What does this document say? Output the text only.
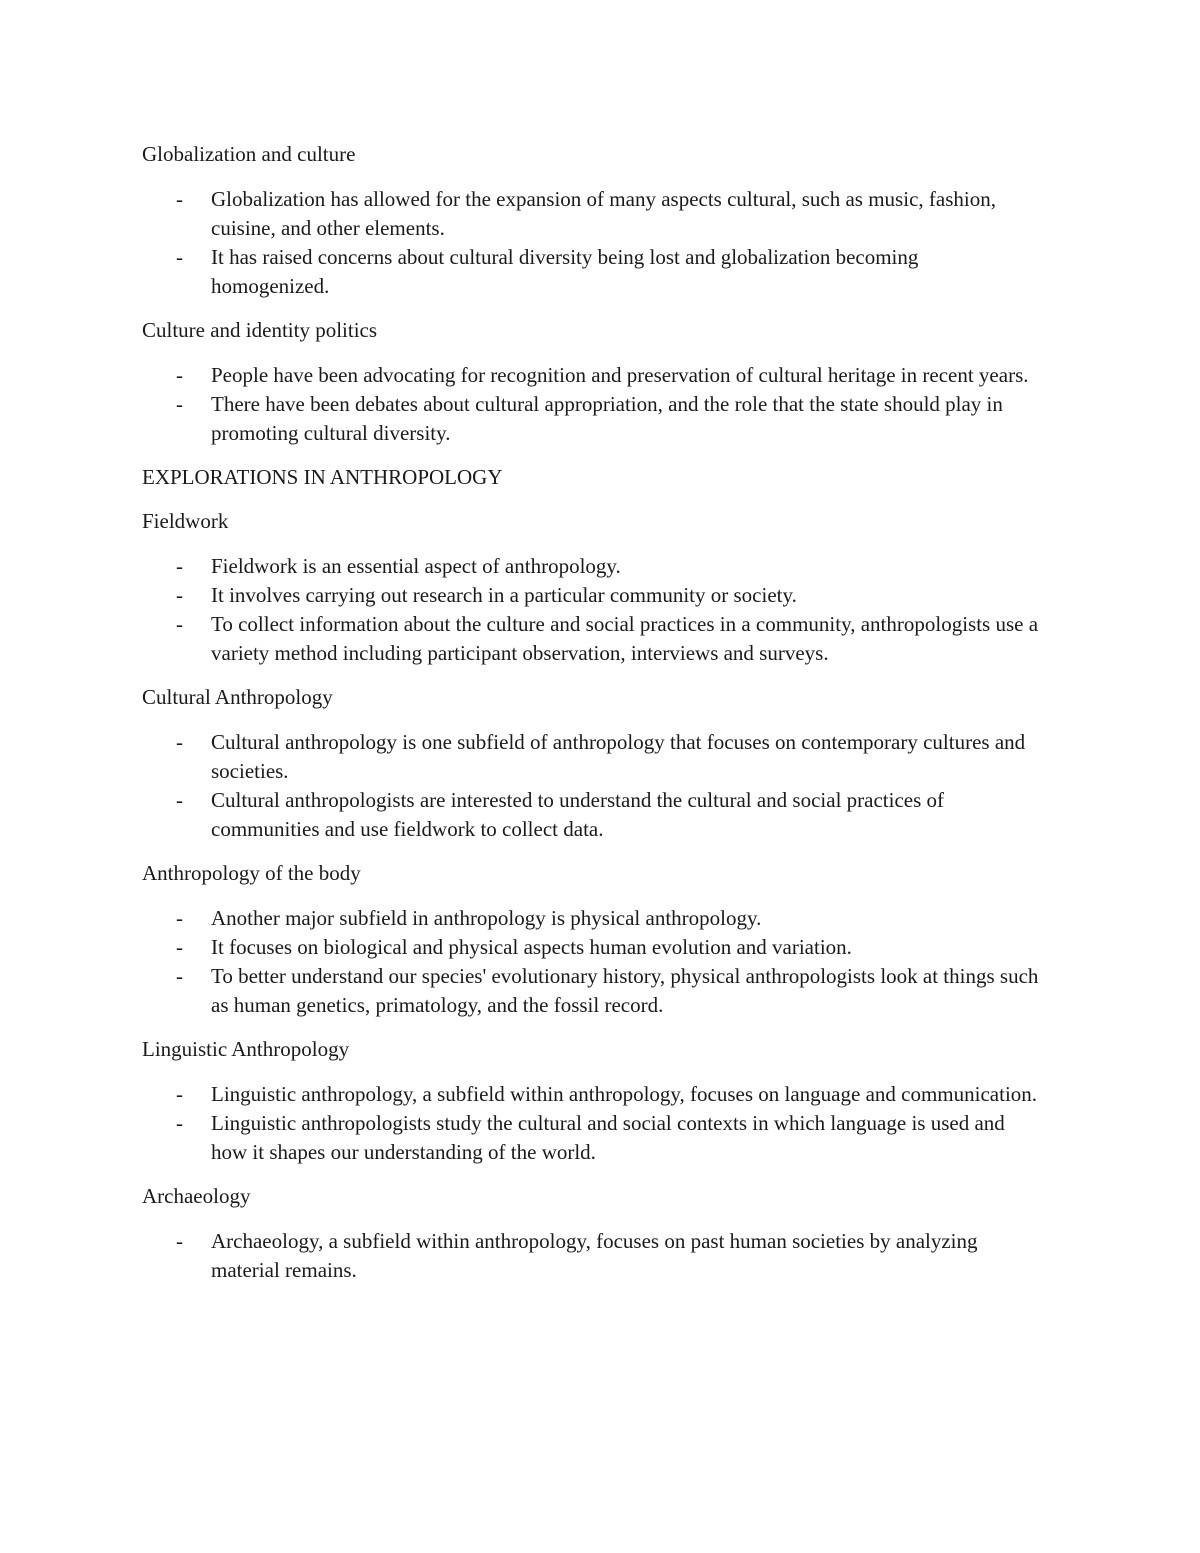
Globalization and culture
- Globalization has allowed for the expansion of many aspects cultural, such as music, fashion, cuisine, and other elements.
- It has raised concerns about cultural diversity being lost and globalization becoming homogenized.
Culture and identity politics
- People have been advocating for recognition and preservation of cultural heritage in recent years.
- There have been debates about cultural appropriation, and the role that the state should play in promoting cultural diversity.
EXPLORATIONS IN ANTHROPOLOGY
Fieldwork
- Fieldwork is an essential aspect of anthropology.
- It involves carrying out research in a particular community or society.
- To collect information about the culture and social practices in a community, anthropologists use a variety method including participant observation, interviews and surveys.
Cultural Anthropology
- Cultural anthropology is one subfield of anthropology that focuses on contemporary cultures and societies.
- Cultural anthropologists are interested to understand the cultural and social practices of communities and use fieldwork to collect data.
Anthropology of the body
- Another major subfield in anthropology is physical anthropology.
- It focuses on biological and physical aspects human evolution and variation.
- To better understand our species' evolutionary history, physical anthropologists look at things such as human genetics, primatology, and the fossil record.
Linguistic Anthropology
- Linguistic anthropology, a subfield within anthropology, focuses on language and communication.
- Linguistic anthropologists study the cultural and social contexts in which language is used and how it shapes our understanding of the world.
Archaeology
- Archaeology, a subfield within anthropology, focuses on past human societies by analyzing material remains.
